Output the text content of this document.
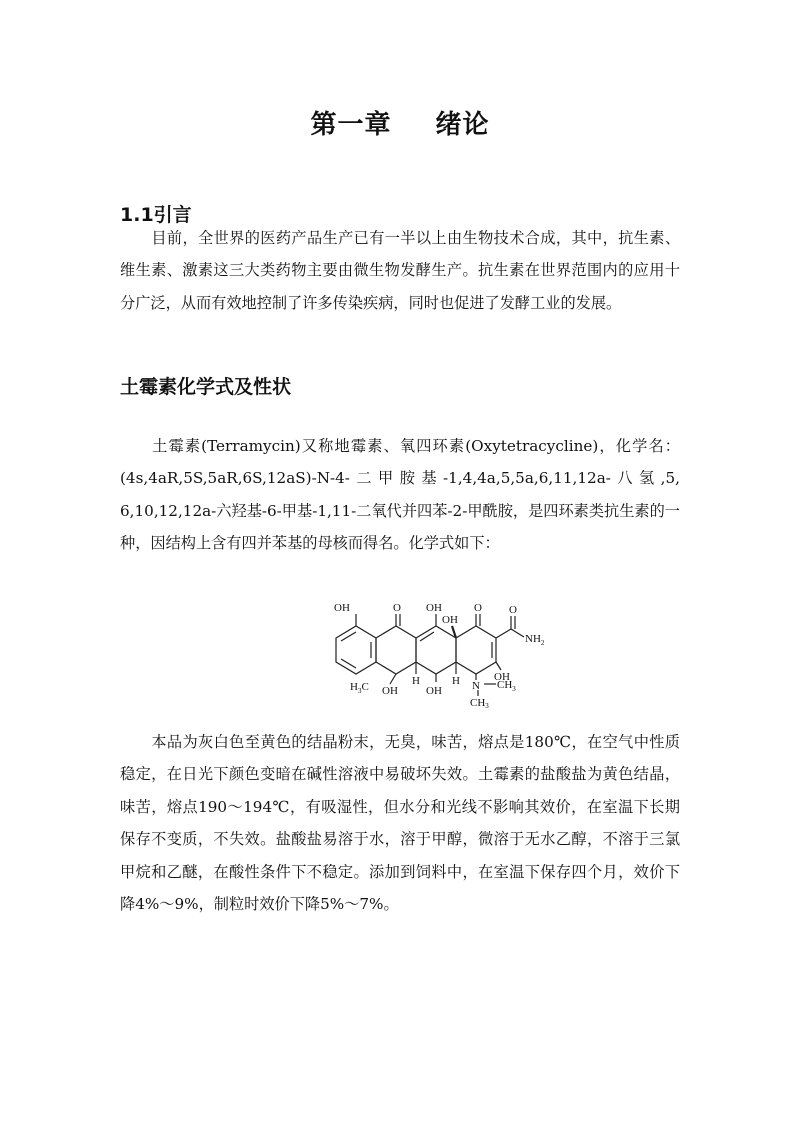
第一章 绪论
1.1引言

目前，全世界的医药产品生产已有一半以上由生物技术合成，其中，抗生素、维生素、激素这三大类药物主要由微生物发酵生产。抗生素在世界范围内的应用十分广泛，从而有效地控制了许多传染疾病，同时也促进了发酵工业的发展。

土霉素化学式及性状

土霉素(Terramycin)又称地霉素、氧四环素(Oxytetracycline)，化学名：(4s,4aR,5S,5aR,6S,12aS)-N-4-二甲胺基-1,4,4a,5,5a,6,11,12a-八氢,5, 6,10,12,12a-六羟基-6-甲基-1,11-二氧代并四苯-2-甲酰胺，是四环素类抗生素的一种，因结构上含有四并苯基的母核而得名。化学式如下：

OH	O OH	O
OH
O
$NH_2$
OH
$H_3C$ OH
H
OH
H N $CH_3$
CH3

本品为灰白色至黄色的结晶粉末，无臭，味苦，熔点是180℃，在空气中性质稳定，在日光下颜色变暗在碱性溶液中易破坏失效。土霉素的盐酸盐为黄色结晶，味苦，熔点190～194℃，有吸湿性，但水分和光线不影响其效价，在室温下长期保存不变质，不失效。盐酸盐易溶于水，溶于甲醇，微溶于无水乙醇，不溶于三氯甲烷和乙醚，在酸性条件下不稳定。添加到饲料中，在室温下保存四个月，效价下降4%～9%，制粒时效价下降5%～7%。
